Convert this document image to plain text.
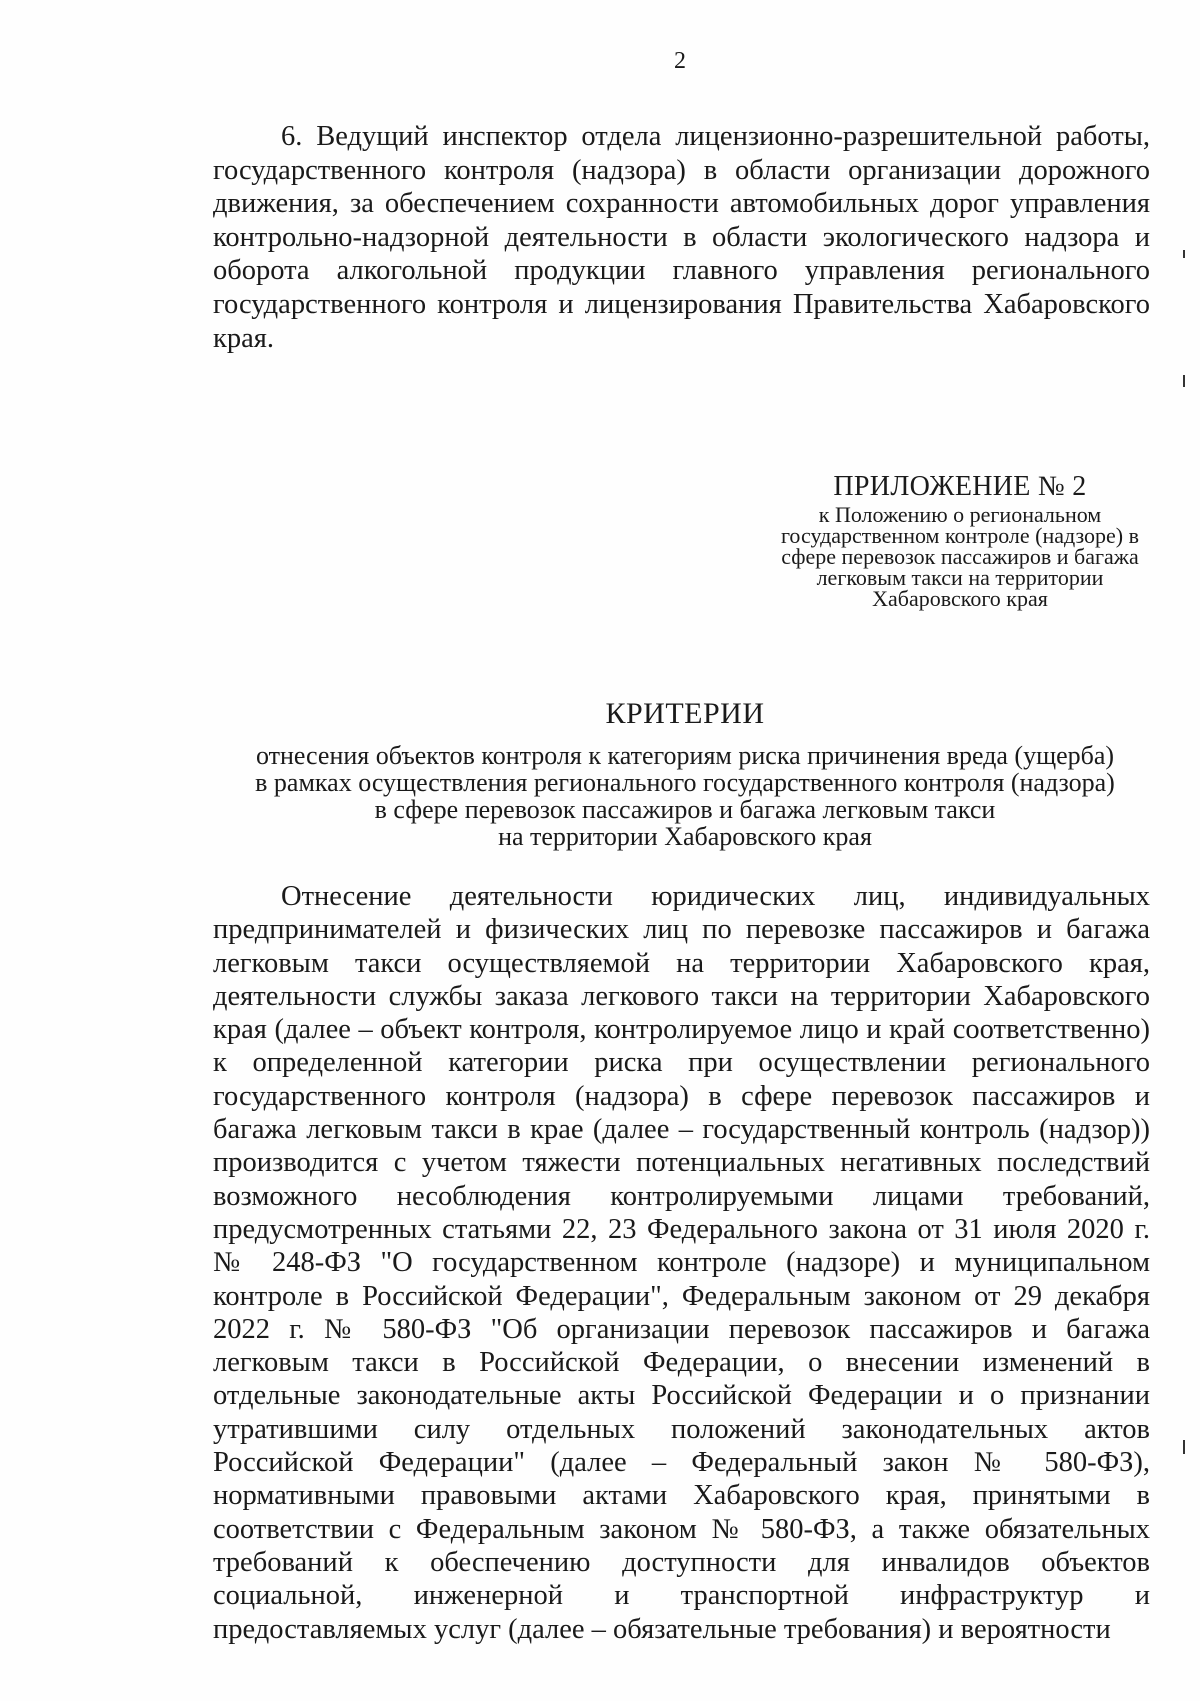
2
6. Ведущий инспектор отдела лицензионно-разрешительной работы, государственного контроля (надзора) в области организации дорожного движения, за обеспечением сохранности автомобильных дорог управления контрольно-надзорной деятельности в области экологического надзора и оборота алкогольной продукции главного управления регионального государственного контроля и лицензирования Правительства Хабаровского края.
ПРИЛОЖЕНИЕ № 2
к Положению о региональном
государственном контроле (надзоре) в
сфере перевозок пассажиров и багажа
легковым такси на территории
Хабаровского края
КРИТЕРИИ
отнесения объектов контроля к категориям риска причинения вреда (ущерба)
в рамках осуществления регионального государственного контроля (надзора)
в сфере перевозок пассажиров и багажа легковым такси
на территории Хабаровского края
Отнесение деятельности юридических лиц, индивидуальных предпринимателей и физических лиц по перевозке пассажиров и багажа легковым такси осуществляемой на территории Хабаровского края, деятельности службы заказа легкового такси на территории Хабаровского края (далее – объект контроля, контролируемое лицо и край соответственно) к определенной категории риска при осуществлении регионального государственного контроля (надзора) в сфере перевозок пассажиров и багажа легковым такси в крае (далее – государственный контроль (надзор)) производится с учетом тяжести потенциальных негативных последствий возможного несоблюдения контролируемыми лицами требований, предусмотренных статьями 22, 23 Федерального закона от 31 июля 2020 г. № 248-ФЗ "О государственном контроле (надзоре) и муниципальном контроле в Российской Федерации", Федеральным законом от 29 декабря 2022 г. № 580-ФЗ "Об организации перевозок пассажиров и багажа легковым такси в Российской Федерации, о внесении изменений в отдельные законодательные акты Российской Федерации и о признании утратившими силу отдельных положений законодательных актов Российской Федерации" (далее – Федеральный закон № 580-ФЗ), нормативными правовыми актами Хабаровского края, принятыми в соответствии с Федеральным законом № 580-ФЗ, а также обязательных требований к обеспечению доступности для инвалидов объектов социальной, инженерной и транспортной инфраструктур и предоставляемых услуг (далее – обязательные требования) и вероятности
